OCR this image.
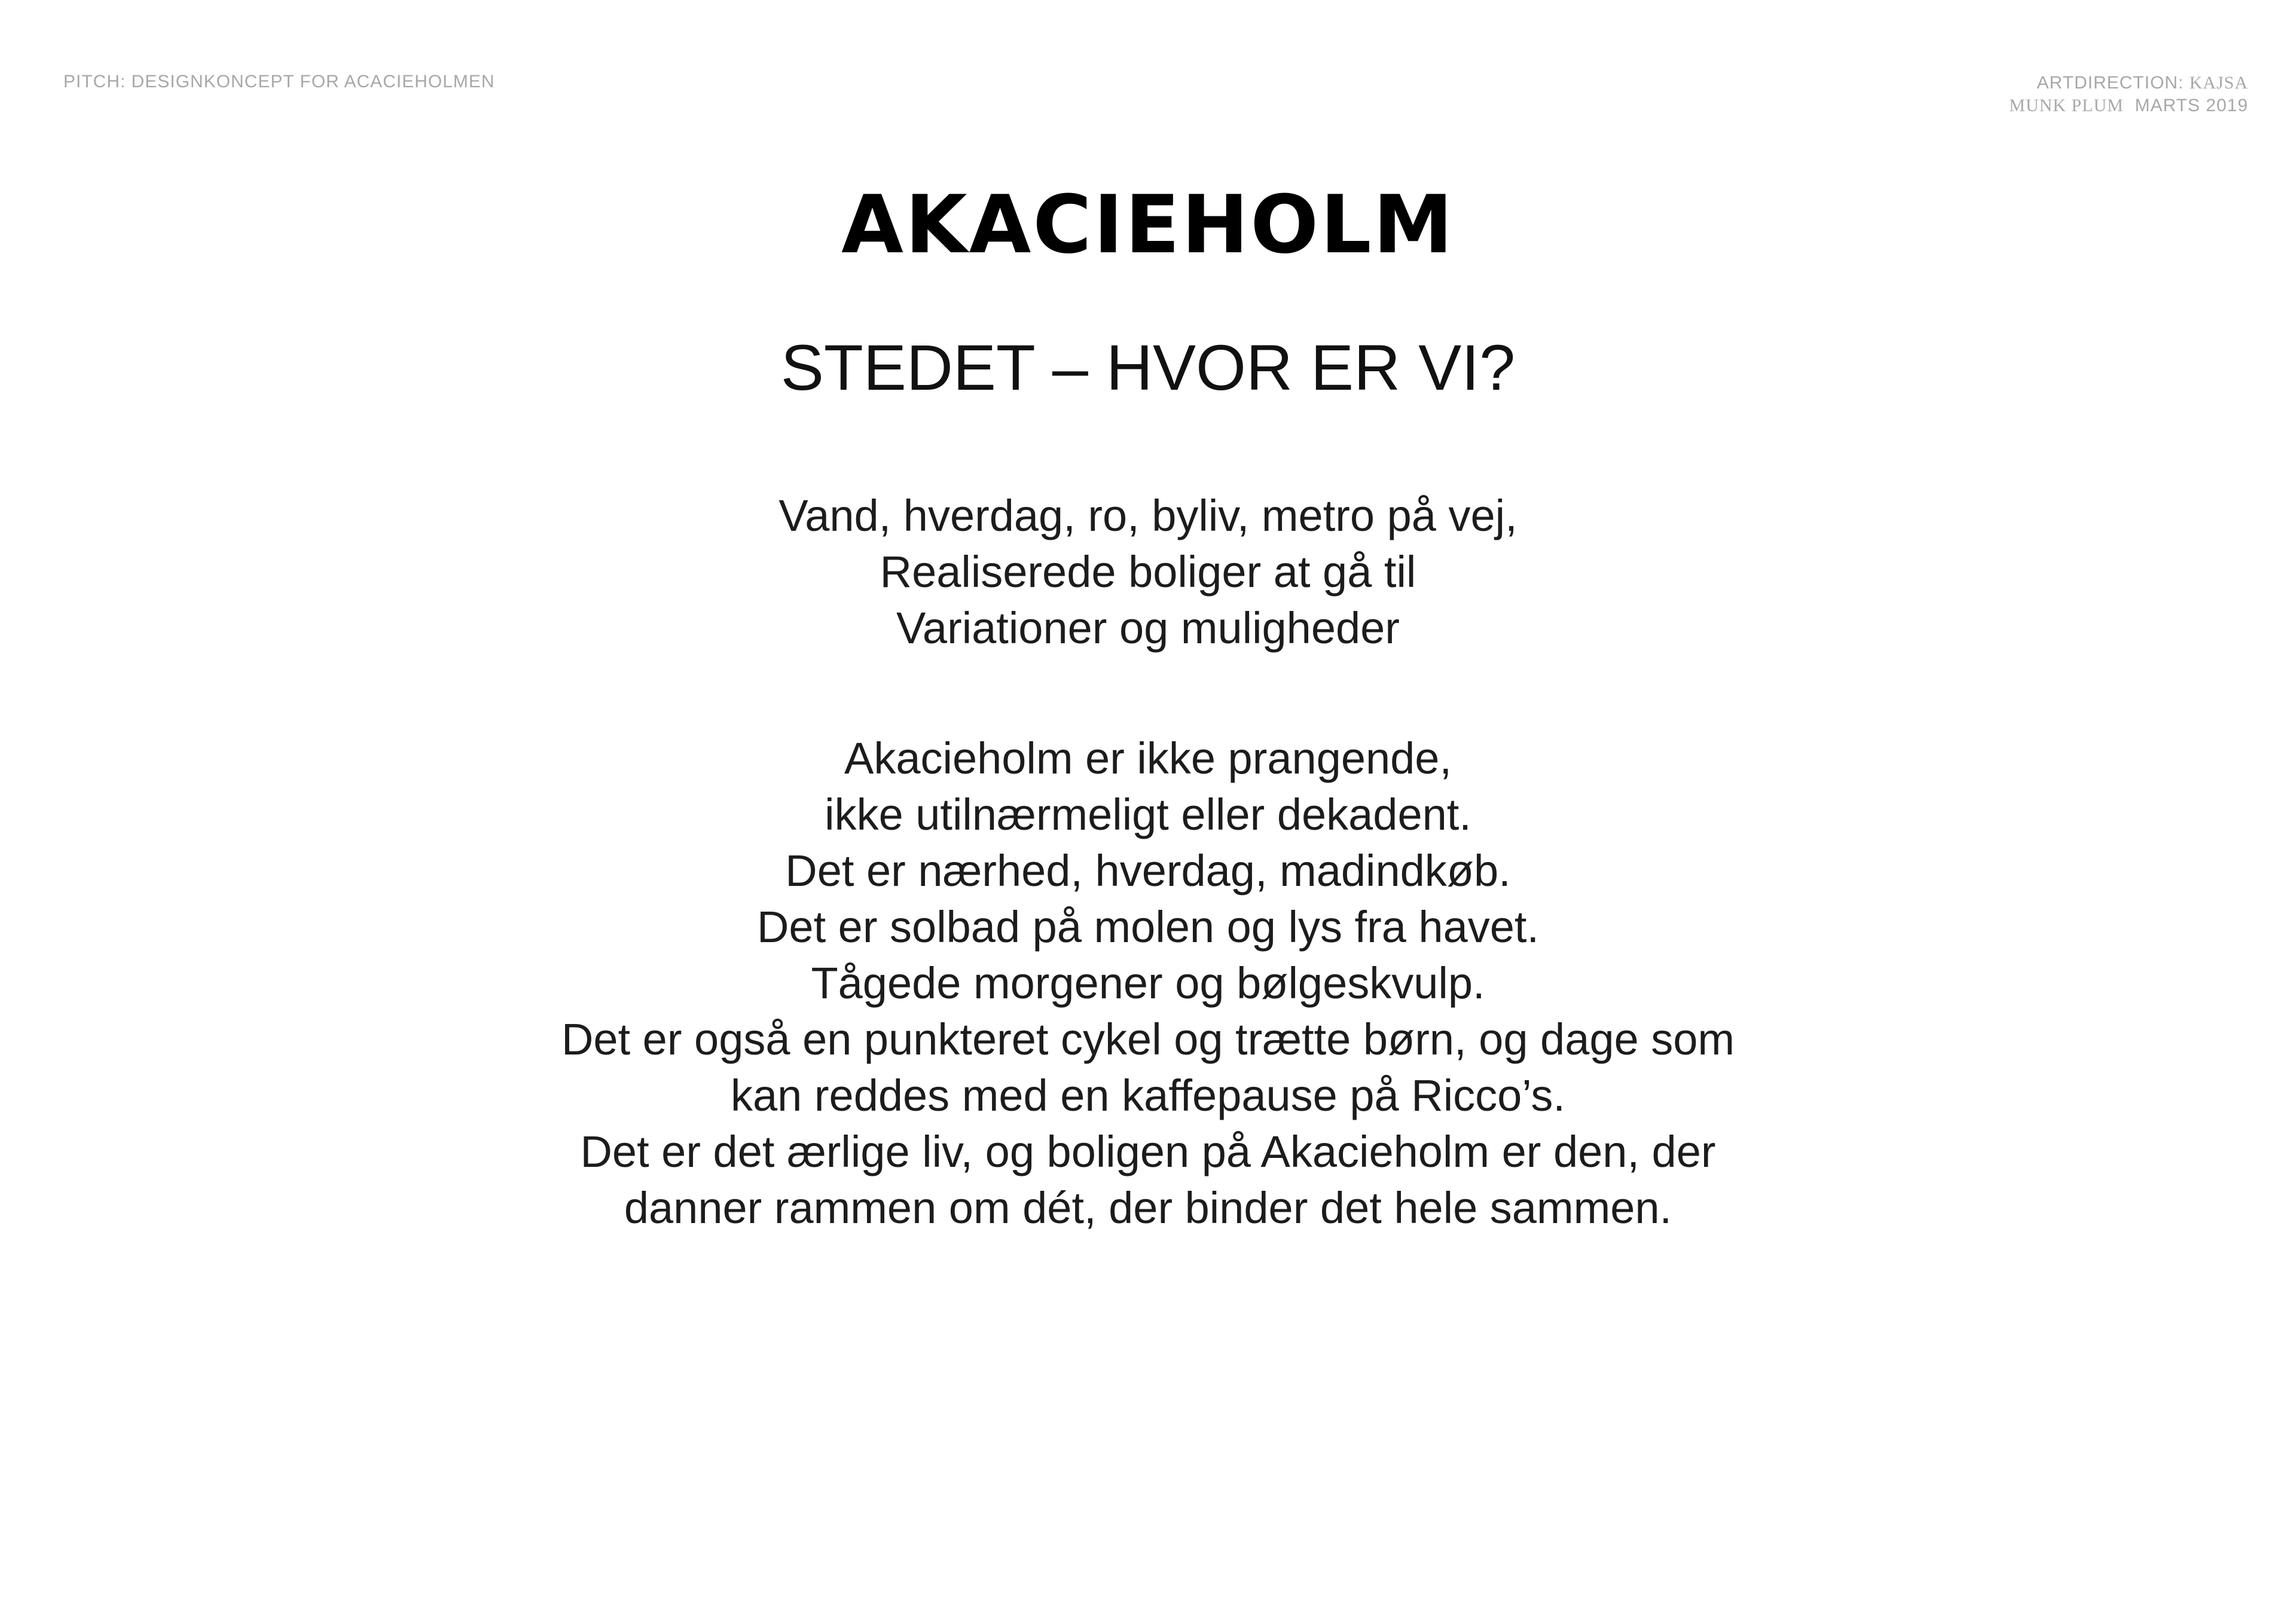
PITCH: DESIGNKONCEPT FOR ACACIEHOLMEN	ARTDIRECTION: KAJSA
MUNK PLUM  MARTS 2019
AKACIEHOLM
STEDET – HVOR ER VI?

Vand, hverdag, ro, byliv, metro på vej,

Realiserede boliger at gå til

Variationer og muligheder

Akacieholm er ikke prangende,

ikke utilnærmeligt eller dekadent.

Det er nærhed, hverdag, madindkøb.

Det er solbad på molen og lys fra havet.

Tågede morgener og bølgeskvulp.

Det er også en punkteret cykel og trætte børn, og dage som

kan reddes med en kaffepause på Ricco’s.

Det er det ærlige liv, og boligen på Akacieholm er den, der

danner rammen om dét, der binder det hele sammen.
